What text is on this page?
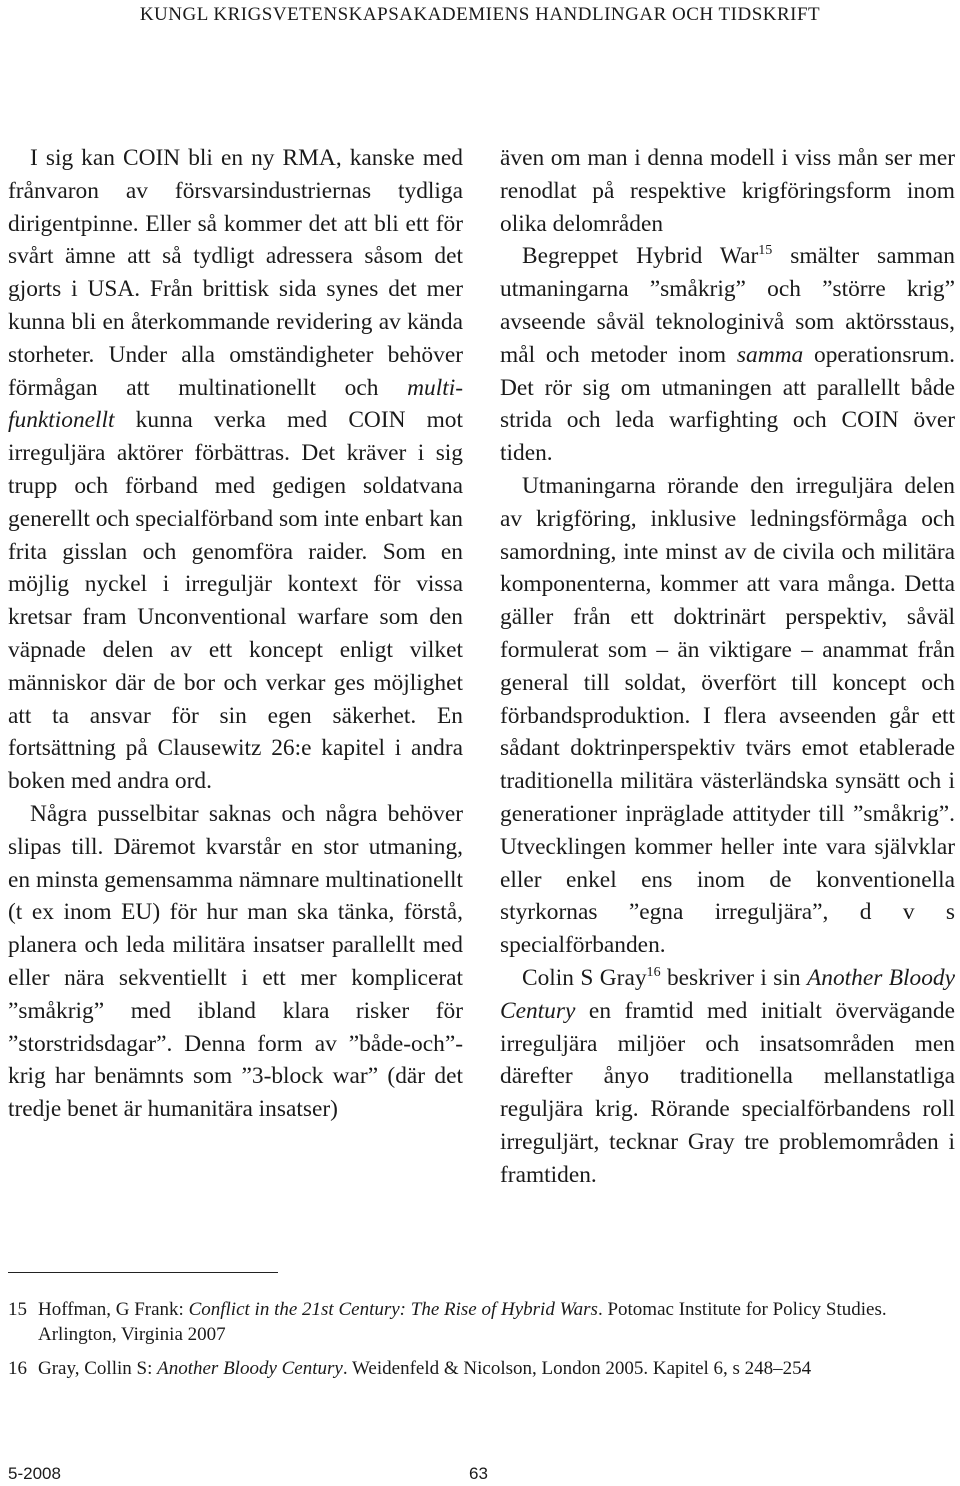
KUNGL KRIGSVETENSKAPSAKADEMIENS HANDLINGAR OCH TIDSKRIFT

I sig kan COIN bli en ny RMA, kanske med frånvaron av försvarsindustriernas tydliga dirigentpinne. Eller så kommer det att bli ett för svårt ämne att så tydligt adressera såsom det gjorts i USA. Från brittisk sida synes det mer kunna bli en återkommande revidering av kända storheter. Under alla omständigheter behöver förmågan att multinationellt och multifunktionellt kunna verka med COIN mot irreguljära aktörer förbättras. Det kräver i sig trupp och förband med gedigen soldatvana generellt och specialförband som inte enbart kan frita gisslan och genomföra raider. Som en möjlig nyckel i irreguljär kontext för vissa kretsar fram Unconventional warfare som den väpnade delen av ett koncept enligt vilket människor där de bor och verkar ges möjlighet att ta ansvar för sin egen säkerhet. En fortsättning på Clausewitz 26:e kapitel i andra boken med andra ord.

Några pusselbitar saknas och några behöver slipas till. Däremot kvarstår en stor utmaning, en minsta gemensamma nämnare multinationellt (t ex inom EU) för hur man ska tänka, förstå, planera och leda militära insatser parallellt med eller nära sekventiellt i ett mer komplicerat ”småkrig” med ibland klara risker för ”storstridsdagar”. Denna form av ”både-och”-krig har benämnts som ”3-block war” (där det tredje benet är humanitära insatser)

även om man i denna modell i viss mån ser mer renodlat på respektive krigföringsform inom olika delområden

Begreppet Hybrid War$^{15}$ smälter samman utmaningarna ”småkrig” och ”större krig” avseende såväl teknologinivå som aktörsstaus, mål och metoder inom samma operationsrum. Det rör sig om utmaningen att parallellt både strida och leda warfighting och COIN över tiden.

Utmaningarna rörande den irreguljära delen av krigföring, inklusive ledningsförmåga och samordning, inte minst av de civila och militära komponenterna, kommer att vara många. Detta gäller från ett doktrinärt perspektiv, såväl formulerat som – än viktigare – anammat från general till soldat, överfört till koncept och förbandsproduktion. I flera avseenden går ett sådant doktrinperspektiv tvärs emot etablerade traditionella militära västerländska synsätt och i generationer inpräglade attityder till ”småkrig”. Utvecklingen kommer heller inte vara självklar eller enkel ens inom de konventionella styrkornas ”egna irreguljära”, d v s specialförbanden.

Colin S Gray$^{16}$ beskriver i sin Another Bloody Century en framtid med initialt övervägande irreguljära miljöer och insatsområden men därefter ånyo traditionella mellanstatliga reguljära krig. Rörande specialförbandens roll irreguljärt, tecknar Gray tre problemområden i framtiden.

15 Hoffman, G Frank: Conflict in the 21st Century: The Rise of Hybrid Wars. Potomac Institute for Policy Studies. Arlington, Virginia 2007
16 Gray, Collin S: Another Bloody Century. Weidenfeld & Nicolson, London 2005. Kapitel 6, s 248–254
5-2008	63
